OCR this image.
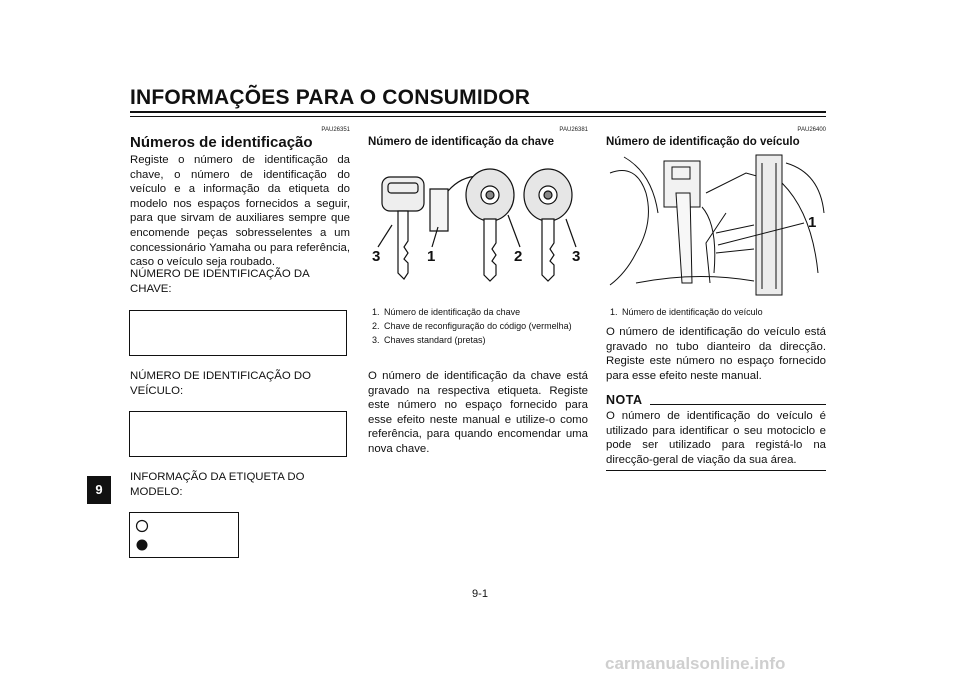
INFORMAÇÕES PARA O CONSUMIDOR
9
PAU26351
Números de identificação
Registe o número de identificação da chave, o número de identificação do veículo e a informação da etiqueta do modelo nos espaços fornecidos a seguir, para que sirvam de auxiliares sempre que encomende peças sobresselentes a um concessionário Yamaha ou para referência, caso o veículo seja roubado.
NÚMERO DE IDENTIFICAÇÃO DA CHAVE:
NÚMERO DE IDENTIFICAÇÃO DO VEÍCULO:
INFORMAÇÃO DA ETIQUETA DO MODELO:
PAU26381
Número de identificação da chave
3	1	2	3
1. Número de identificação da chave
2. Chave de reconfiguração do código (vermelha)
3. Chaves standard (pretas)
O número de identificação da chave está gravado na respectiva etiqueta. Registe este número no espaço fornecido para esse efeito neste manual e utilize-o como referência, para quando encomendar uma nova chave.
PAU26400
Número de identificação do veículo
1
1. Número de identificação do veículo
O número de identificação do veículo está gravado no tubo dianteiro da direcção. Registe este número no espaço fornecido para esse efeito neste manual.
NOTA
O número de identificação do veículo é utilizado para identificar o seu motociclo e pode ser utilizado para registá-lo na direcção-geral de viação da sua área.
9-1
carmanualsonline.info
